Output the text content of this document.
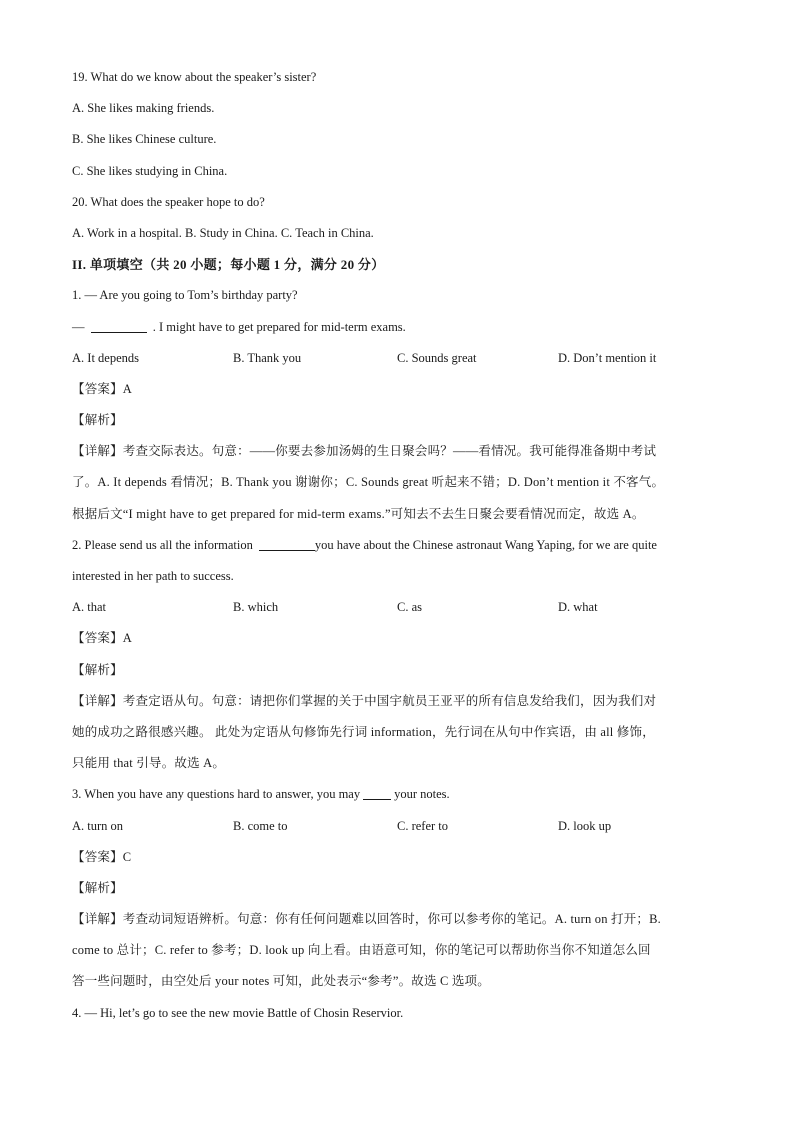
19. What do we know about the speaker’s sister?
A. She likes making friends.
B. She likes Chinese culture.
C. She likes studying in China.
20. What does the speaker hope to do?
A. Work in a hospital. B. Study in China. C. Teach in China.
II. 单项填空（共 20 小题；每小题 1 分，满分 20 分）
1. — Are you going to Tom’s birthday party?
—	. I might have to get prepared for mid-term exams.
A. It depends	B. Thank you	C. Sounds great	D. Don’t mention it
【答案】A
【解析】
【详解】考查交际表达。句意：——你要去参加汤姆的生日聚会吗？——看情况。我可能得准备期中考试
了。A. It depends 看情况；B. Thank you 谢谢你；C. Sounds great 听起来不错；D. Don’t mention it 不客气。
根据后文“I might have to get prepared for mid-term exams.”可知去不去生日聚会要看情况而定，故选 A。
2. Please send us all the information	you have about the Chinese astronaut Wang Yaping, for we are quite
interested in her path to success.
A. that	B. which	C. as	D. what
【答案】A
【解析】
【详解】考查定语从句。句意：请把你们掌握的关于中国宇航员王亚平的所有信息发给我们，因为我们对
她的成功之路很感兴趣。 此处为定语从句修饰先行词 information，先行词在从句中作宾语，由 all 修饰，
只能用 that 引导。故选 A。
3. When you have any questions hard to answer, you may	your notes.
A. turn on	B. come to	C. refer to	D. look up
【答案】C
【解析】
【详解】考查动词短语辨析。句意：你有任何问题难以回答时，你可以参考你的笔记。A. turn on 打开；B.
come to 总计；C. refer to 参考；D. look up 向上看。由语意可知，你的笔记可以帮助你当你不知道怎么回
答一些问题时，由空处后 your notes 可知，此处表示“参考”。故选 C 选项。
4. — Hi, let’s go to see the new movie Battle of Chosin Reservior.
